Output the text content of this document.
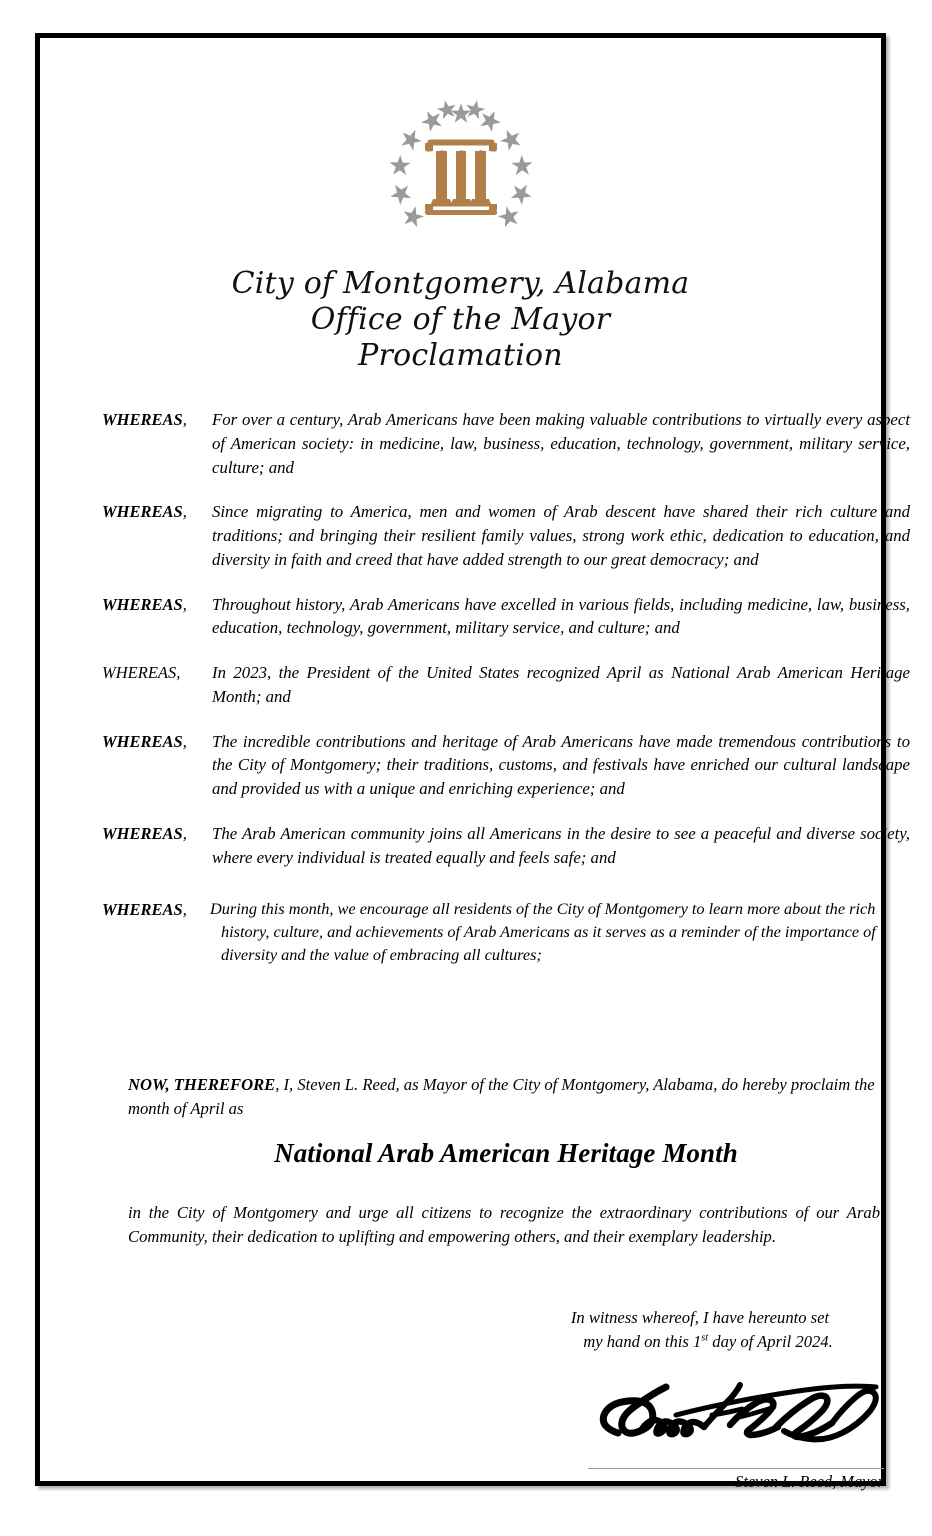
City of Montgomery, Alabama
Office of the Mayor
Proclamation
WHEREAS,	For over a century, Arab Americans have been making valuable contributions to virtually every aspect of American society: in medicine, law, business, education, technology, government, military service, culture; and
WHEREAS,	Since migrating to America, men and women of Arab descent have shared their rich culture and traditions; and bringing their resilient family values, strong work ethic, dedication to education, and diversity in faith and creed that have added strength to our great democracy; and
WHEREAS,	Throughout history, Arab Americans have excelled in various fields, including medicine, law, business, education, technology, government, military service, and culture; and
WHEREAS,	In 2023, the President of the United States recognized April as National Arab American Heritage Month; and
WHEREAS,	The incredible contributions and heritage of Arab Americans have made tremendous contributions to the City of Montgomery; their traditions, customs, and festivals have enriched our cultural landscape and provided us with a unique and enriching experience; and
WHEREAS,	The Arab American community joins all Americans in the desire to see a peaceful and diverse society, where every individual is treated equally and feels safe; and
WHEREAS,	During this month, we encourage all residents of the City of Montgomery to learn more about the rich history, culture, and achievements of Arab Americans as it serves as a reminder of the importance of diversity and the value of embracing all cultures;
NOW, THEREFORE, I, Steven L. Reed, as Mayor of the City of Montgomery, Alabama, do hereby proclaim the month of April as
National Arab American Heritage Month
in the City of Montgomery and urge all citizens to recognize the extraordinary contributions of our Arab Community, their dedication to uplifting and empowering others, and their exemplary leadership.
In witness whereof, I have hereunto set
my hand on this 1st day of April 2024.
Steven L. Reed, Mayor
